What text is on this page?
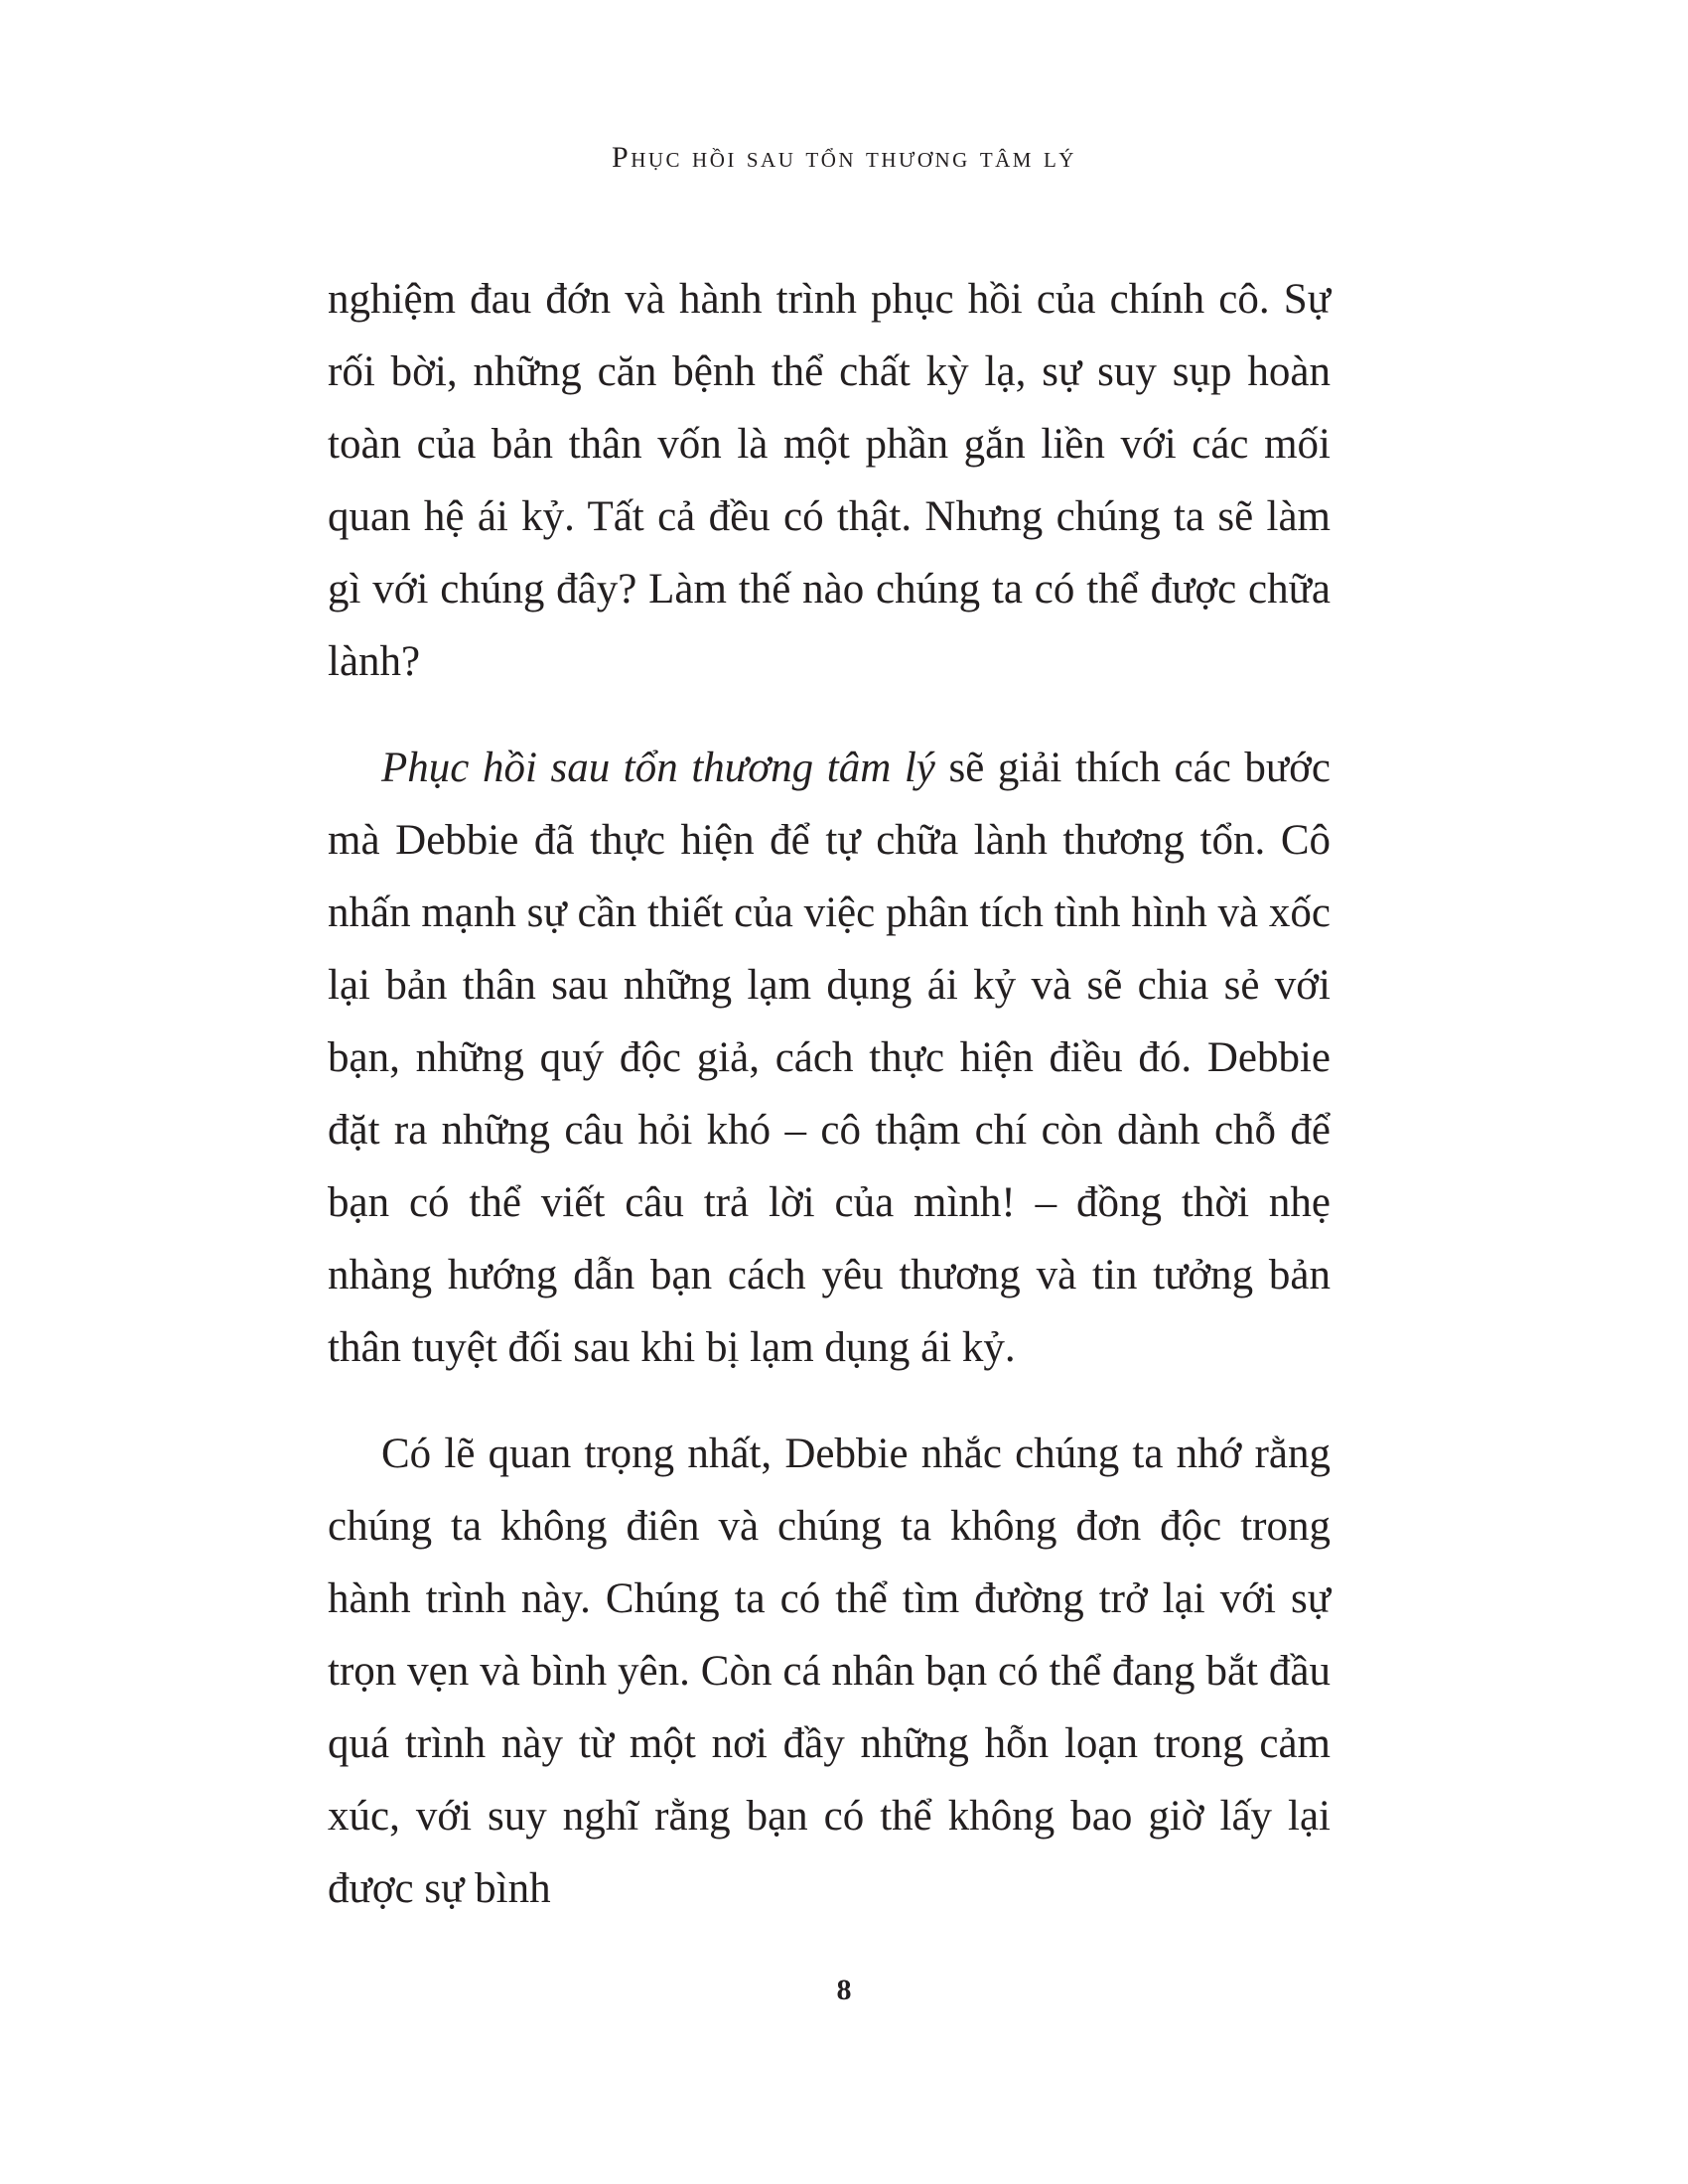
Phục hồi sau tổn thương tâm lý

nghiệm đau đớn và hành trình phục hồi của chính cô. Sự rối bời, những căn bệnh thể chất kỳ lạ, sự suy sụp hoàn toàn của bản thân vốn là một phần gắn liền với các mối quan hệ ái kỷ. Tất cả đều có thật. Nhưng chúng ta sẽ làm gì với chúng đây? Làm thế nào chúng ta có thể được chữa lành?

Phục hồi sau tổn thương tâm lý sẽ giải thích các bước mà Debbie đã thực hiện để tự chữa lành thương tổn. Cô nhấn mạnh sự cần thiết của việc phân tích tình hình và xốc lại bản thân sau những lạm dụng ái kỷ và sẽ chia sẻ với bạn, những quý độc giả, cách thực hiện điều đó. Debbie đặt ra những câu hỏi khó – cô thậm chí còn dành chỗ để bạn có thể viết câu trả lời của mình! – đồng thời nhẹ nhàng hướng dẫn bạn cách yêu thương và tin tưởng bản thân tuyệt đối sau khi bị lạm dụng ái kỷ.

Có lẽ quan trọng nhất, Debbie nhắc chúng ta nhớ rằng chúng ta không điên và chúng ta không đơn độc trong hành trình này. Chúng ta có thể tìm đường trở lại với sự trọn vẹn và bình yên. Còn cá nhân bạn có thể đang bắt đầu quá trình này từ một nơi đầy những hỗn loạn trong cảm xúc, với suy nghĩ rằng bạn có thể không bao giờ lấy lại được sự bình

8
